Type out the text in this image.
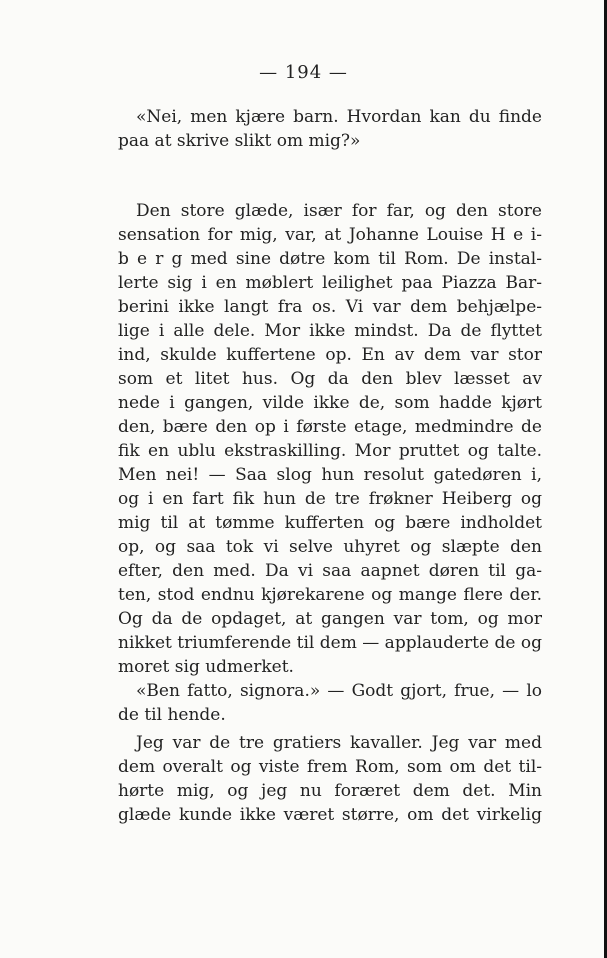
— 194 —
«Nei, men kjære barn. Hvordan kan du finde
paa at skrive slikt om mig?»
Den store glæde, især for far, og den store
sensation for mig, var, at Johanne Louise H e i-
b e r g med sine døtre kom til Rom. De instal-
lerte sig i en møblert leilighet paa Piazza Bar-
berini ikke langt fra os. Vi var dem behjælpe-
lige i alle dele. Mor ikke mindst. Da de flyttet
ind, skulde kuffertene op. En av dem var stor
som et litet hus. Og da den blev læsset av
nede i gangen, vilde ikke de, som hadde kjørt
den, bære den op i første etage, medmindre de
fik en ublu ekstraskilling. Mor pruttet og talte.
Men nei! — Saa slog hun resolut gatedøren i,
og i en fart fik hun de tre frøkner Heiberg og
mig til at tømme kufferten og bære indholdet
op, og saa tok vi selve uhyret og slæpte den
efter, den med. Da vi saa aapnet døren til ga-
ten, stod endnu kjørekarene og mange flere der.
Og da de opdaget, at gangen var tom, og mor
nikket triumferende til dem — applauderte de og
moret sig udmerket.
«Ben fatto, signora.» — Godt gjort, frue, — lo
de til hende.
Jeg var de tre gratiers kavaller. Jeg var med
dem overalt og viste frem Rom, som om det til-
hørte mig, og jeg nu foræret dem det. Min
glæde kunde ikke været større, om det virkelig
